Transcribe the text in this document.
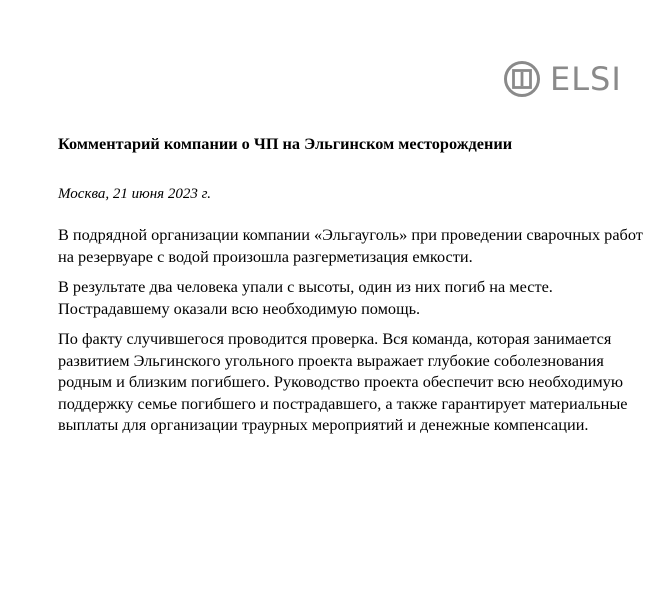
ELSI
Комментарий компании о ЧП на Эльгинском месторождении

Москва, 21 июня 2023 г.

В подрядной организации компании «Эльгауголь» при проведении сварочных работ на резервуаре с водой произошла разгерметизация емкости.

В результате два человека упали с высоты, один из них погиб на месте. Пострадавшему оказали всю необходимую помощь.

По факту случившегося проводится проверка. Вся команда, которая занимается развитием Эльгинского угольного проекта выражает глубокие соболезнования родным и близким погибшего. Руководство проекта обеспечит всю необходимую поддержку семье погибшего и пострадавшего, а также гарантирует материальные выплаты для организации траурных мероприятий и денежные компенсации.
